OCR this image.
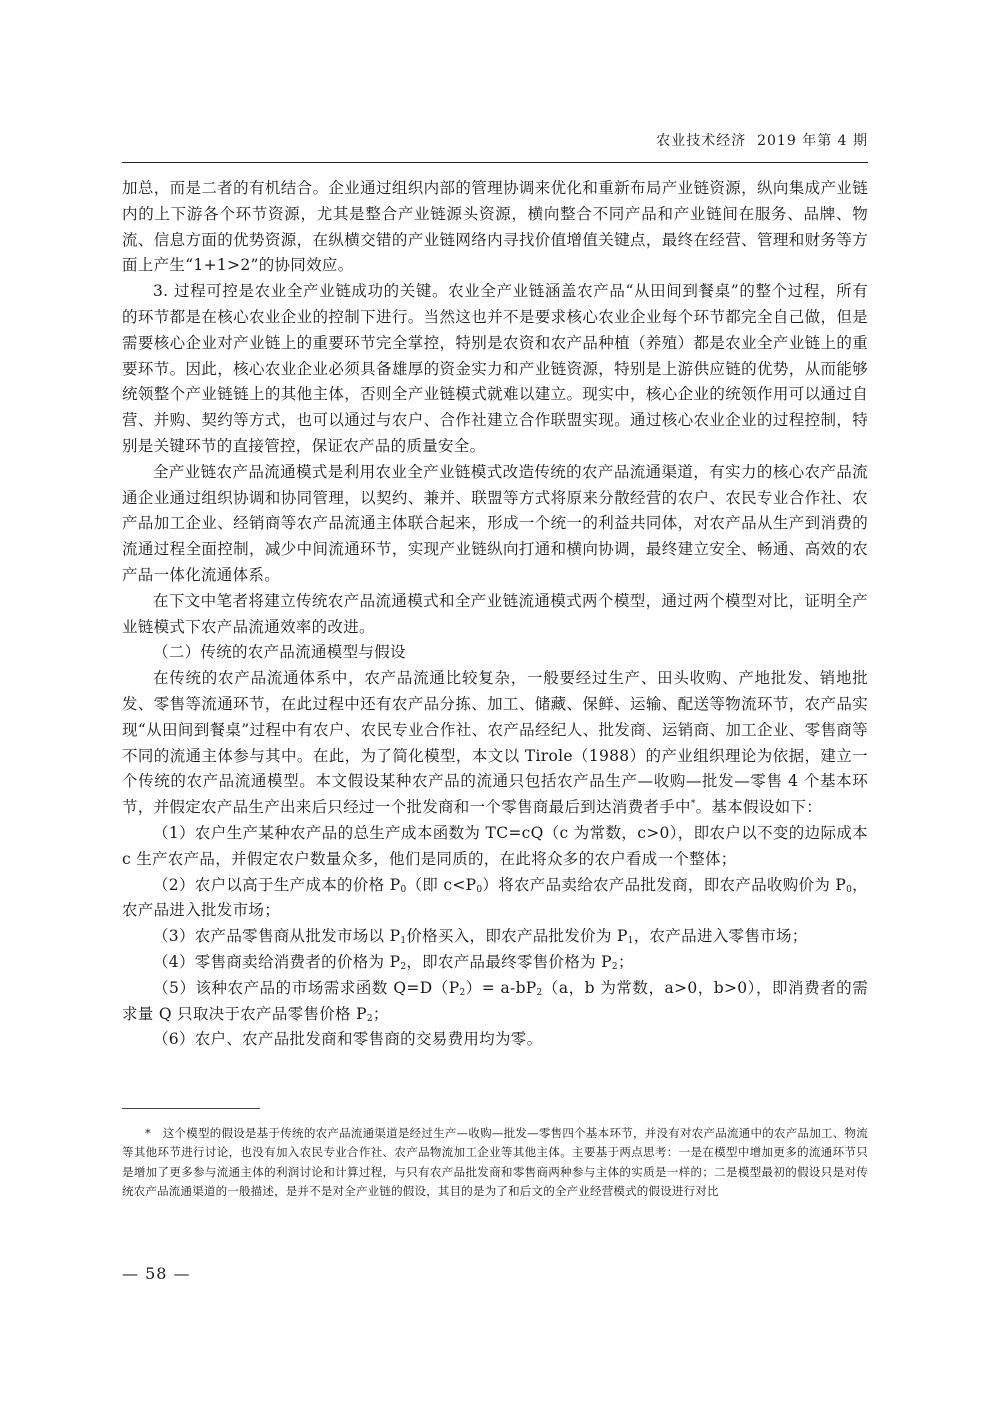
农业技术经济 2019 年第 4 期

加总，而是二者的有机结合。企业通过组织内部的管理协调来优化和重新布局产业链资源，纵向集成产业链内的上下游各个环节资源，尤其是整合产业链源头资源，横向整合不同产品和产业链间在服务、品牌、物流、信息方面的优势资源，在纵横交错的产业链网络内寻找价值增值关键点，最终在经营、管理和财务等方面上产生“1+1>2”的协同效应。

3. 过程可控是农业全产业链成功的关键。农业全产业链涵盖农产品“从田间到餐桌”的整个过程，所有的环节都是在核心农业企业的控制下进行。当然这也并不是要求核心农业企业每个环节都完全自己做，但是需要核心企业对产业链上的重要环节完全掌控，特别是农资和农产品种植（养殖）都是农业全产业链上的重要环节。因此，核心农业企业必须具备雄厚的资金实力和产业链资源，特别是上游供应链的优势，从而能够统领整个产业链链上的其他主体，否则全产业链模式就难以建立。现实中，核心企业的统领作用可以通过自营、并购、契约等方式，也可以通过与农户、合作社建立合作联盟实现。通过核心农业企业的过程控制，特别是关键环节的直接管控，保证农产品的质量安全。

全产业链农产品流通模式是利用农业全产业链模式改造传统的农产品流通渠道，有实力的核心农产品流通企业通过组织协调和协同管理，以契约、兼并、联盟等方式将原来分散经营的农户、农民专业合作社、农产品加工企业、经销商等农产品流通主体联合起来，形成一个统一的利益共同体，对农产品从生产到消费的流通过程全面控制，减少中间流通环节，实现产业链纵向打通和横向协调，最终建立安全、畅通、高效的农产品一体化流通体系。

在下文中笔者将建立传统农产品流通模式和全产业链流通模式两个模型，通过两个模型对比，证明全产业链模式下农产品流通效率的改进。

（二）传统的农产品流通模型与假设

在传统的农产品流通体系中，农产品流通比较复杂，一般要经过生产、田头收购、产地批发、销地批发、零售等流通环节，在此过程中还有农产品分拣、加工、储藏、保鲜、运输、配送等物流环节，农产品实现“从田间到餐桌”过程中有农户、农民专业合作社、农产品经纪人、批发商、运销商、加工企业、零售商等不同的流通主体参与其中。在此，为了简化模型，本文以 Tirole（1988）的产业组织理论为依据，建立一个传统的农产品流通模型。本文假设某种农产品的流通只包括农产品生产—收购—批发—零售 4 个基本环节，并假定农产品生产出来后只经过一个批发商和一个零售商最后到达消费者手中*。基本假设如下：

（1）农户生产某种农产品的总生产成本函数为 TC=cQ（c 为常数，c>0），即农户以不变的边际成本 c 生产农产品，并假定农户数量众多，他们是同质的，在此将众多的农户看成一个整体；

（2）农户以高于生产成本的价格 $P_0$（即 $c<P_0$）将农产品卖给农产品批发商，即农产品收购价为 $P_0$，农产品进入批发市场；

（3）农产品零售商从批发市场以 $P_1$价格买入，即农产品批发价为 $P_1$，农产品进入零售市场；

（4）零售商卖给消费者的价格为 $P_2$，即农产品最终零售价格为 $P_2$；

（5）该种农产品的市场需求函数 $Q=D(P_2)= a-bP_2(a$，b 为常数，a>0，b>0），即消费者的需求量 Q 只取决于农产品零售价格 $P_2$；

（6）农户、农产品批发商和零售商的交易费用均为零。

*　这个模型的假设是基于传统的农产品流通渠道是经过生产—收购—批发—零售四个基本环节，并没有对农产品流通中的农产品加工、物流等其他环节进行讨论，也没有加入农民专业合作社、农产品物流加工企业等其他主体。主要基于两点思考：一是在模型中增加更多的流通环节只是增加了更多参与流通主体的利润讨论和计算过程，与只有农产品批发商和零售商两种参与主体的实质是一样的；二是模型最初的假设只是对传统农产品流通渠道的一般描述，是并不是对全产业链的假设，其目的是为了和后文的全产业经营模式的假设进行对比

— 58 —
